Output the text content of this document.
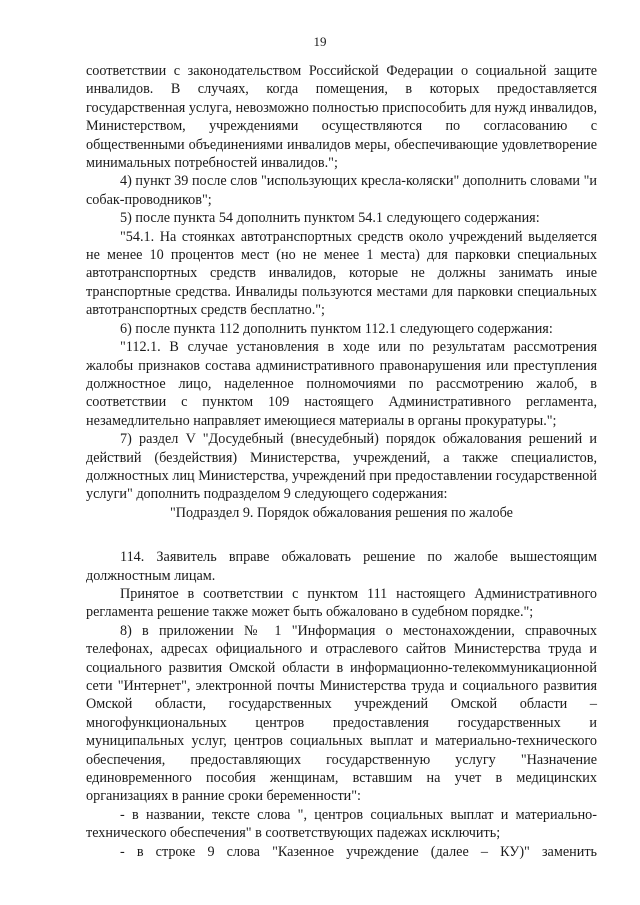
19

соответствии с законодательством Российской Федерации о социальной защите инвалидов. В случаях, когда помещения, в которых предоставляется государственная услуга, невозможно полностью приспособить для нужд инвалидов, Министерством, учреждениями осуществляются по согласованию с общественными объединениями инвалидов меры, обеспечивающие удовлетворение минимальных потребностей инвалидов.";

4) пункт 39 после слов "использующих кресла-коляски" дополнить словами "и собак-проводников";

5) после пункта 54 дополнить пунктом 54.1 следующего содержания:

"54.1. На стоянках автотранспортных средств около учреждений выделяется не менее 10 процентов мест (но не менее 1 места) для парковки специальных автотранспортных средств инвалидов, которые не должны занимать иные транспортные средства. Инвалиды пользуются местами для парковки специальных автотранспортных средств бесплатно.";

6) после пункта 112 дополнить пунктом 112.1 следующего содержания:

"112.1. В случае установления в ходе или по результатам рассмотрения жалобы признаков состава административного правонарушения или преступления должностное лицо, наделенное полномочиями по рассмотрению жалоб, в соответствии с пунктом 109 настоящего Административного регламента, незамедлительно направляет имеющиеся материалы в органы прокуратуры.";

7) раздел V "Досудебный (внесудебный) порядок обжалования решений и действий (бездействия) Министерства, учреждений, а также специалистов, должностных лиц Министерства, учреждений при предоставлении государственной услуги" дополнить подразделом 9 следующего содержания:

"Подраздел 9. Порядок обжалования решения по жалобе

114. Заявитель вправе обжаловать решение по жалобе вышестоящим должностным лицам.

Принятое в соответствии с пунктом 111 настоящего Административного регламента решение также может быть обжаловано в судебном порядке.";

8) в приложении № 1 "Информация о местонахождении, справочных телефонах, адресах официального и отраслевого сайтов Министерства труда и социального развития Омской области в информационно-телекоммуникационной сети "Интернет", электронной почты Министерства труда и социального развития Омской области, государственных учреждений Омской области – многофункциональных центров предоставления государственных и муниципальных услуг, центров социальных выплат и материально-технического обеспечения, предоставляющих государственную услугу "Назначение единовременного пособия женщинам, вставшим на учет в медицинских организациях в ранние сроки беременности":

- в названии, тексте слова ", центров социальных выплат и материально-технического обеспечения" в соответствующих падежах исключить;

- в строке 9 слова "Казенное учреждение (далее – КУ)" заменить
